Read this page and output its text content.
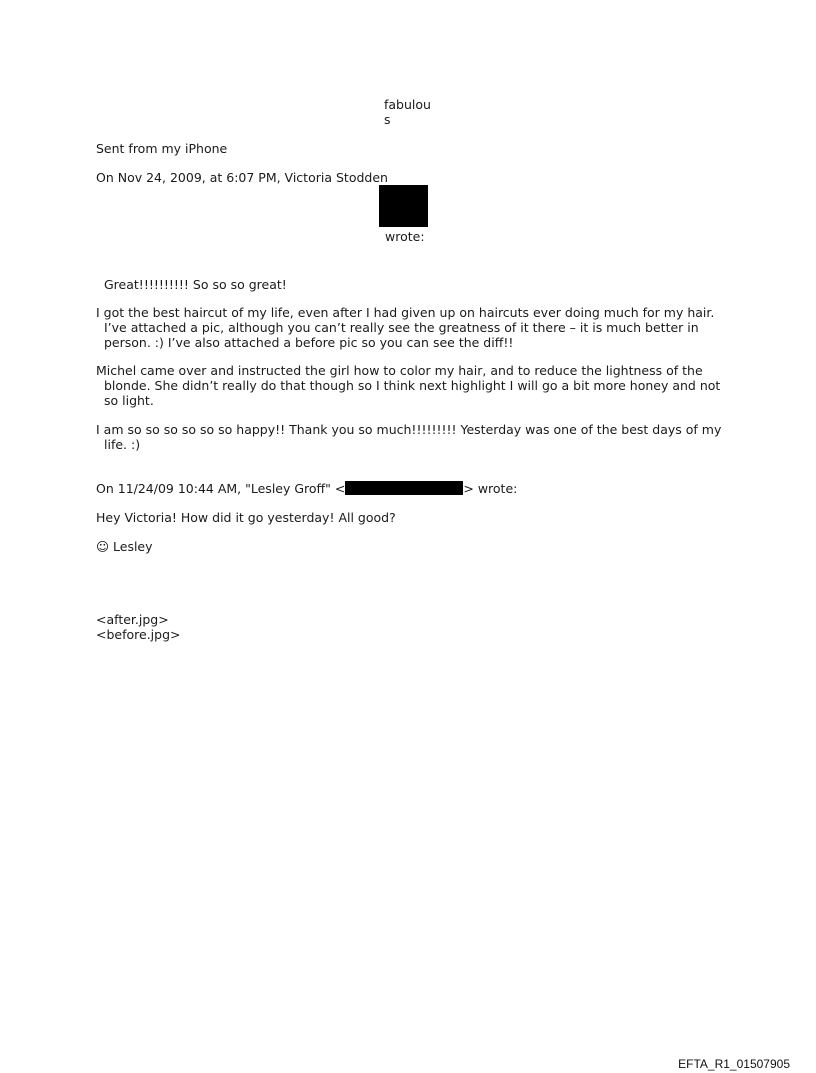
fabulou
s
Sent from my iPhone
On Nov 24, 2009, at 6:07 PM, Victoria Stodden
wrote:
Great!!!!!!!!!! So so so great!
I got the best haircut of my life, even after I had given up on haircuts ever doing much for my hair.
I’ve attached a pic, although you can’t really see the greatness of it there – it is much better in
person. :) I’ve also attached a before pic so you can see the diff!!
Michel came over and instructed the girl how to color my hair, and to reduce the lightness of the
blonde. She didn’t really do that though so I think next highlight I will go a bit more honey and not
so light.
I am so so so so so so happy!! Thank you so much!!!!!!!!! Yesterday was one of the best days of my
life. :)
On 11/24/09 10:44 AM, "Lesley Groff" <	> wrote:
Hey Victoria! How did it go yesterday! All good?
☺ Lesley
<after.jpg>
<before.jpg>
EFTA_R1_01507905
